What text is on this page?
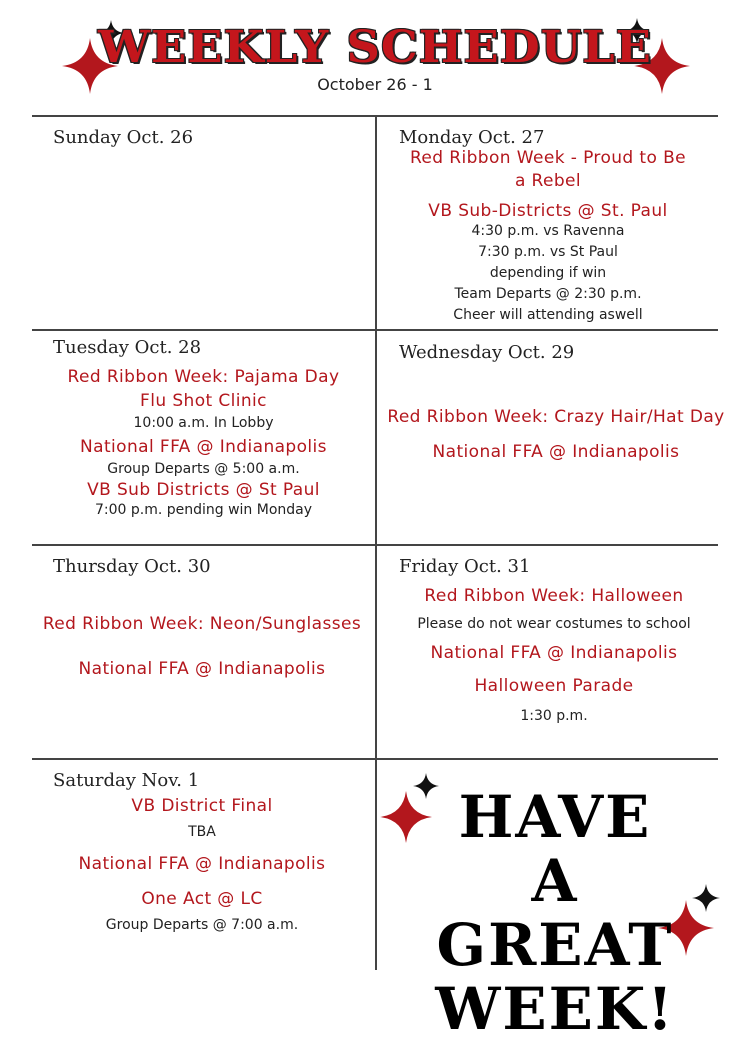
WEEKLY SCHEDULE
October 26 - 1
Sunday Oct. 26	Monday Oct. 27
Red Ribbon Week - Proud to Be
a Rebel
VB Sub-Districts @ St. Paul
4:30 p.m. vs Ravenna
7:30 p.m. vs St Paul
depending if win
Team Departs @ 2:30 p.m.
Cheer will attending aswell
Tuesday Oct. 28
Red Ribbon Week: Pajama Day
Flu Shot Clinic
10:00 a.m. In Lobby
National FFA @ Indianapolis
Group Departs @ 5:00 a.m.
VB Sub Districts @ St Paul
7:00 p.m. pending win Monday
Wednesday Oct. 29
Red Ribbon Week: Crazy Hair/Hat Day
National FFA @ Indianapolis
Thursday Oct. 30
Red Ribbon Week: Neon/Sunglasses
National FFA @ Indianapolis
Friday Oct. 31
Red Ribbon Week: Halloween
Please do not wear costumes to school
National FFA @ Indianapolis
Halloween Parade
1:30 p.m.
Saturday Nov. 1
VB District Final
TBA
National FFA @ Indianapolis
One Act @ LC
Group Departs @ 7:00 a.m.
HAVE A
GREAT
WEEK!
